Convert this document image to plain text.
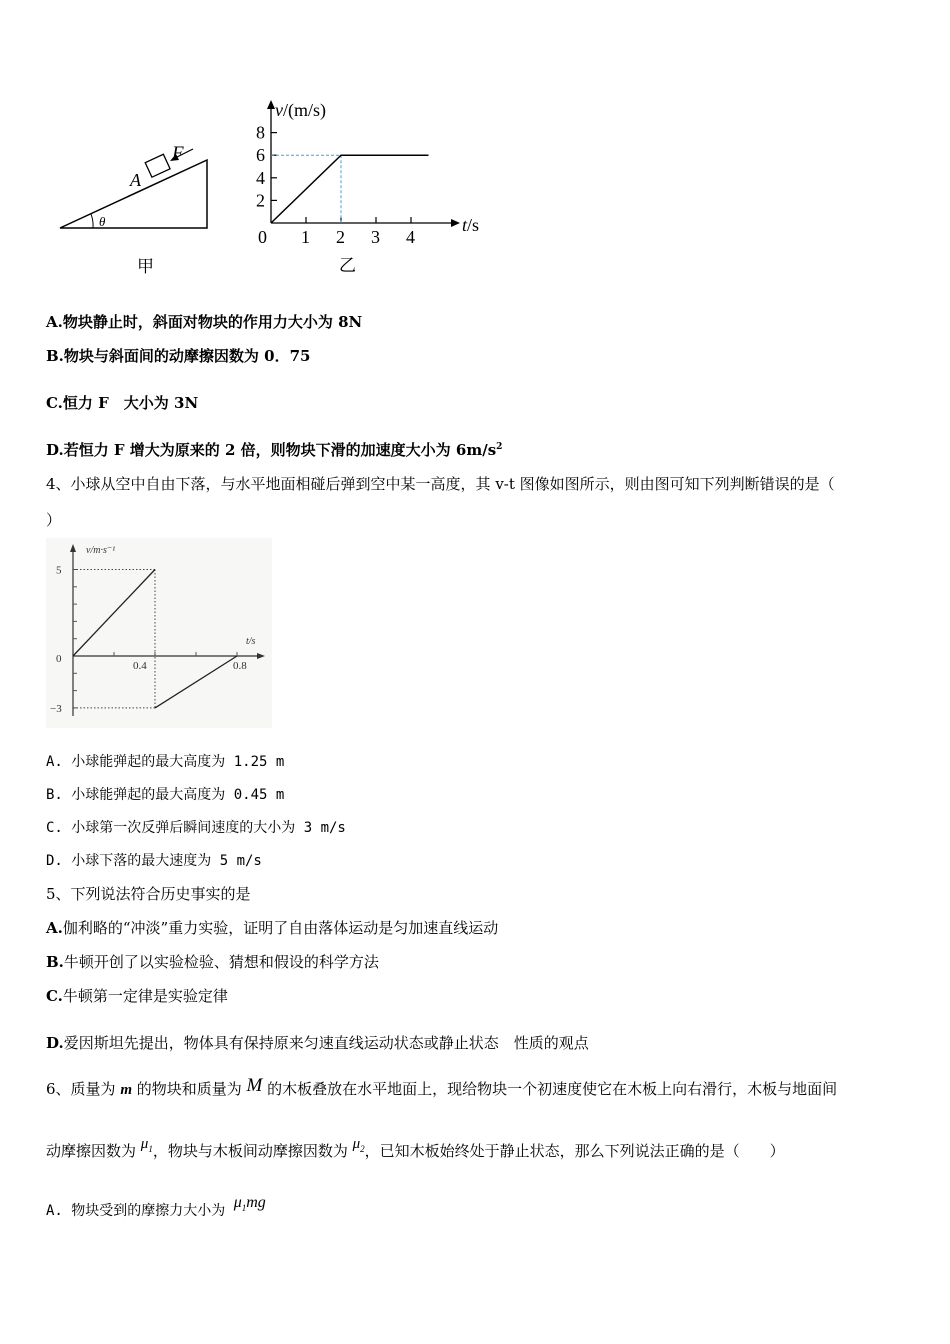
F
A
θ
甲
v/(m/s)
t/s
8
6
4
2
0 1 2 3 4
乙
A.物块静止时，斜面对物块的作用力大小为 8N
B.物块与斜面间的动摩擦因数为 0．75
C.恒力 F　大小为 3N
D.若恒力 F 增大为原来的 2 倍，则物块下滑的加速度大小为 $6m/s^2$
4、小球从空中自由下落，与水平地面相碰后弹到空中某一高度，其 v-t 图像如图所示，则由图可知下列判断错误的是（
）
v/m·s⁻¹
t/s
5
0
−3
0.4	0.8
A. 小球能弹起的最大高度为 1.25 m
B. 小球能弹起的最大高度为 0.45 m
C. 小球第一次反弹后瞬间速度的大小为 3 m/s
D. 小球下落的最大速度为 5 m/s
5、下列说法符合历史事实的是
A.伽利略的“冲淡”重力实验，证明了自由落体运动是匀加速直线运动
B.牛顿开创了以实验检验、猜想和假设的科学方法
C.牛顿第一定律是实验定律
D.爱因斯坦先提出，物体具有保持原来匀速直线运动状态或静止状态　性质的观点
6、质量为 m 的物块和质量为 M 的木板叠放在水平地面上，现给物块一个初速度使它在木板上向右滑行，木板与地面间
动摩擦因数为 $\mu_1$，物块与木板间动摩擦因数为 $\mu_2$，已知木板始终处于静止状态，那么下列说法正确的是（　　）
A. 物块受到的摩擦力大小为 $\mu_1mg$
